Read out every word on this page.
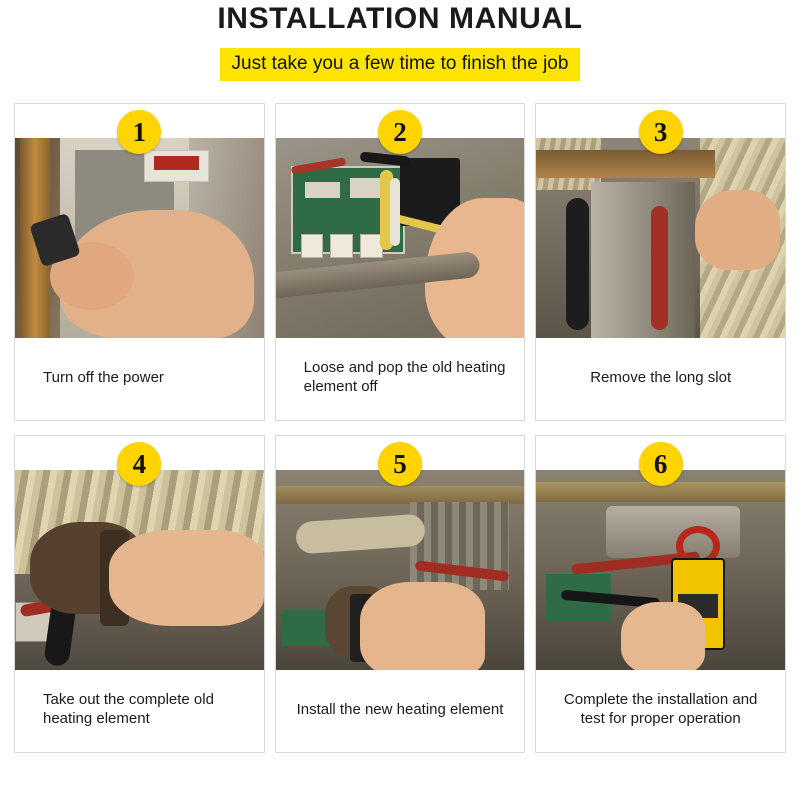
INSTALLATION MANUAL
Just take you a few time to finish the job
1
Turn off the power
2
Loose and pop the old heating element off
3
Remove the long slot
4
Take out the complete old heating element
5
Install the new heating element
6
Complete the installation and test for proper operation
